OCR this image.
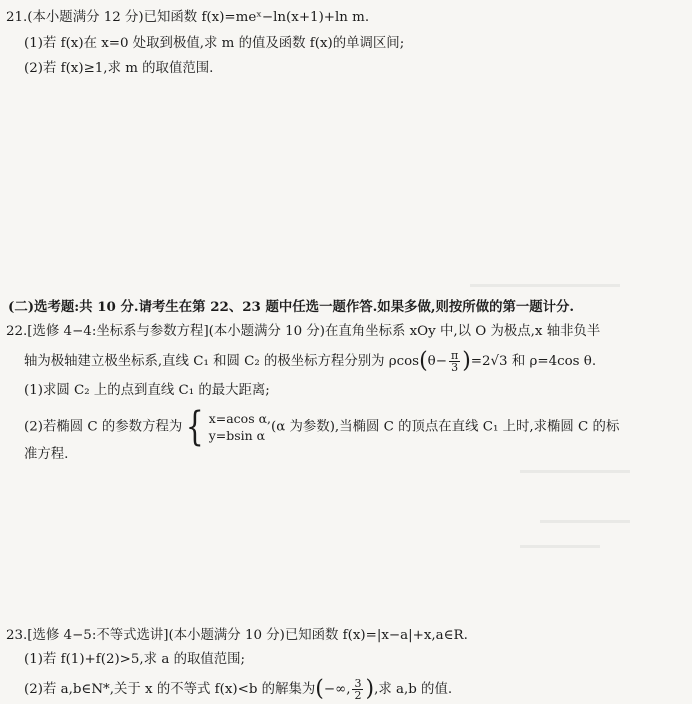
21.(本小题满分 12 分)已知函数 f(x)=meˣ−ln(x+1)+ln m.
(1)若 f(x)在 x=0 处取到极值,求 m 的值及函数 f(x)的单调区间;
(2)若 f(x)≥1,求 m 的取值范围.
(二)选考题:共 10 分.请考生在第 22、23 题中任选一题作答.如果多做,则按所做的第一题计分.
22.[选修 4−4:坐标系与参数方程](本小题满分 10 分)在直角坐标系 xOy 中,以 O 为极点,x 轴非负半
轴为极轴建立极坐标系,直线 C₁ 和圆 C₂ 的极坐标方程分别为 $\rho\cos(\theta- \frac{\pi}{3} )=2√3$ 和 ρ=4cos θ.
(1)求圆 C₂ 上的点到直线 C₁ 的最大距离;
(2)若椭圆 C 的参数方程为 { x=acos α,
y=bsin α
(α 为参数),当椭圆 C 的顶点在直线 C₁ 上时,求椭圆 C 的标
准方程.
23.[选修 4−5:不等式选讲](本小题满分 10 分)已知函数 f(x)=|x−a|+x,a∈R.
(1)若 f(1)+f(2)>5,求 a 的取值范围;
(2)若 a,b∈N*,关于 x 的不等式 f(x)<b 的解集为(−∞, $\frac{3}{2}$ ),求 a,b 的值.
